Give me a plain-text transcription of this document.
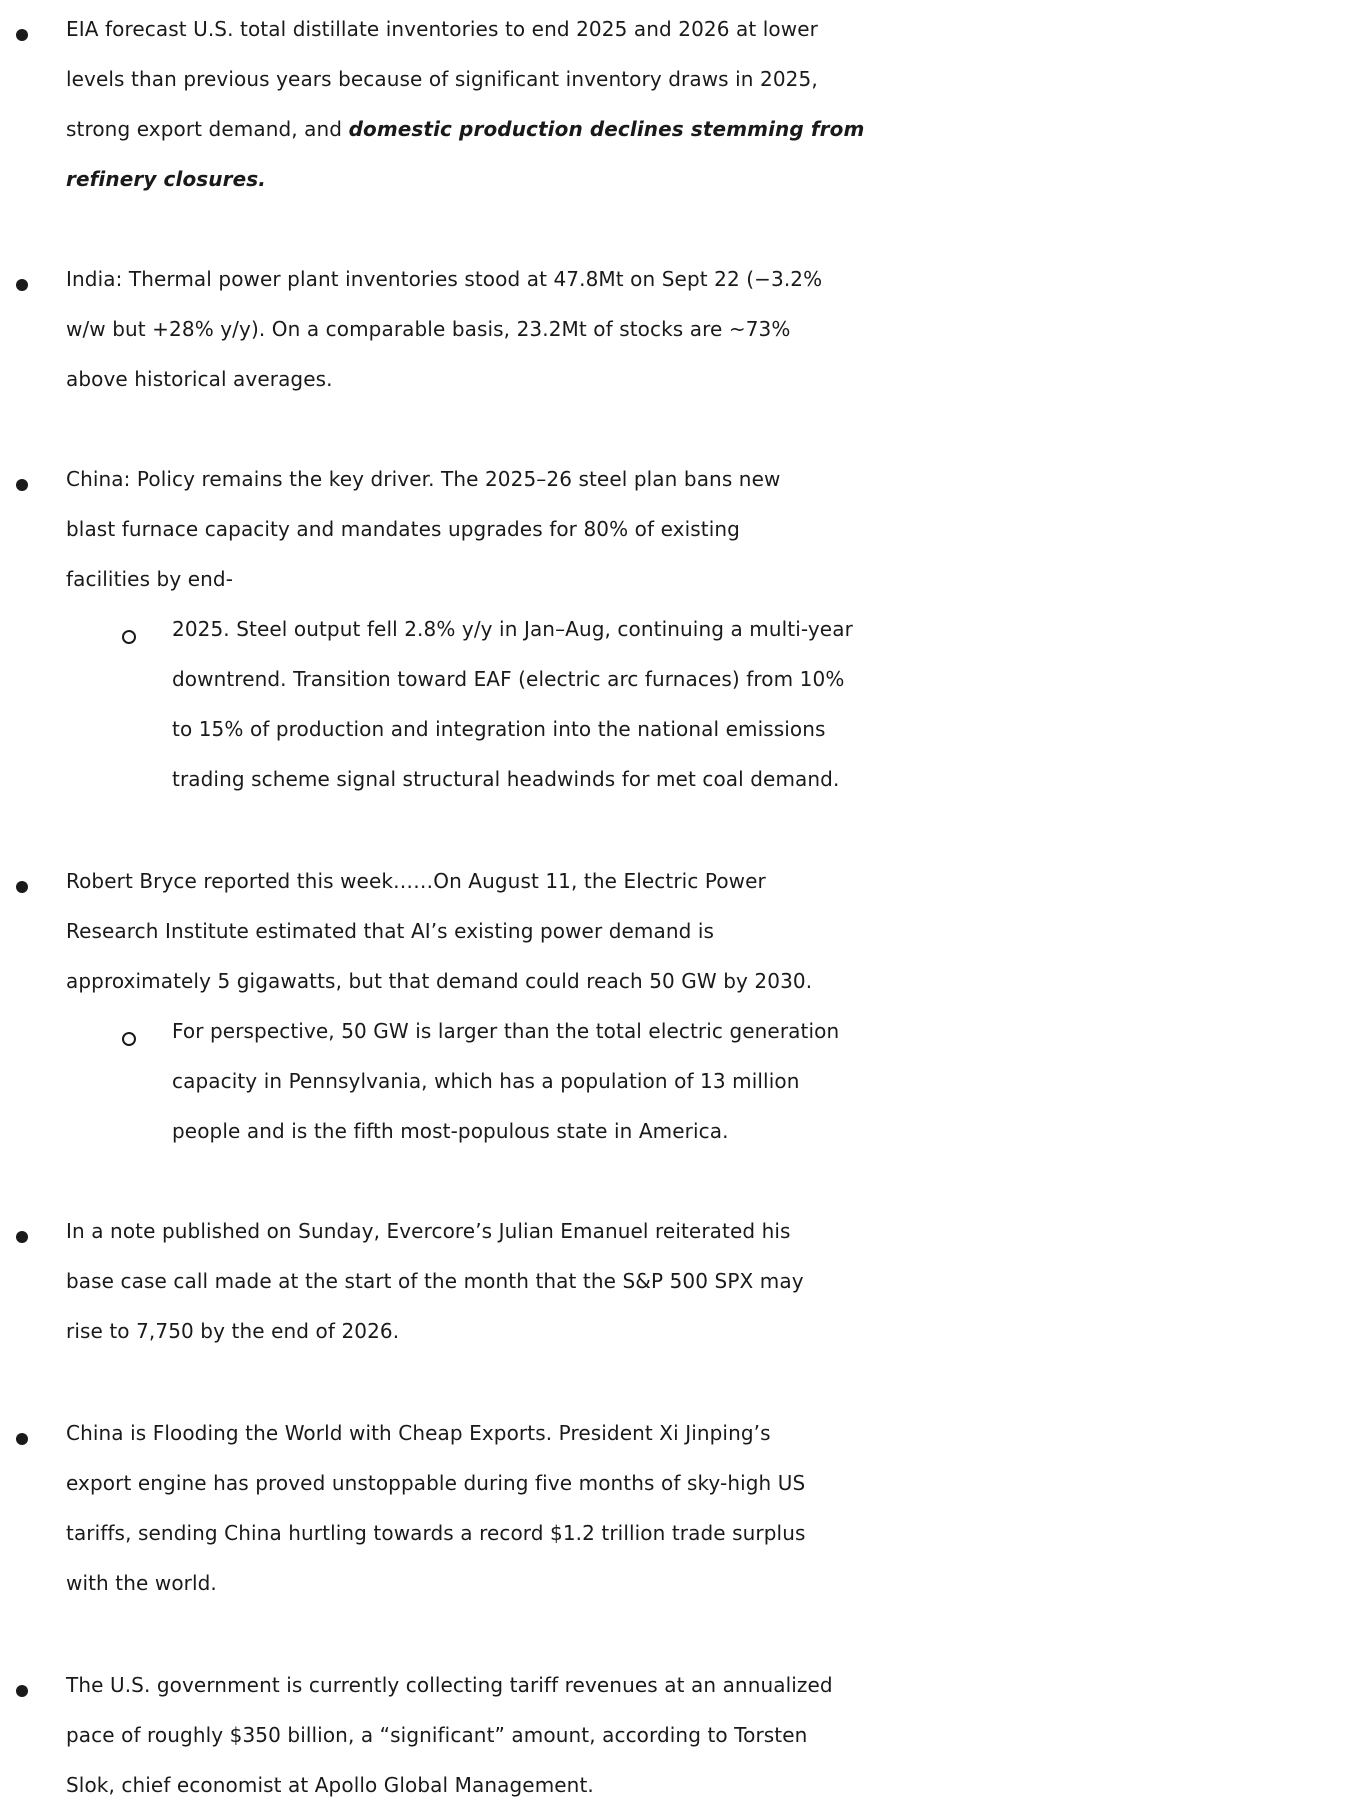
EIA forecast U.S. total distillate inventories to end 2025 and 2026 at lower
levels than previous years because of significant inventory draws in 2025,
strong export demand, and domestic production declines stemming from
refinery closures.
India: Thermal power plant inventories stood at 47.8Mt on Sept 22 (−3.2%
w/w but +28% y/y). On a comparable basis, 23.2Mt of stocks are ~73%
above historical averages.
China: Policy remains the key driver. The 2025–26 steel plan bans new
blast furnace capacity and mandates upgrades for 80% of existing
facilities by end-
2025. Steel output fell 2.8% y/y in Jan–Aug, continuing a multi-year
downtrend. Transition toward EAF (electric arc furnaces) from 10%
to 15% of production and integration into the national emissions
trading scheme signal structural headwinds for met coal demand.
Robert Bryce reported this week……On August 11, the Electric Power
Research Institute estimated that AI’s existing power demand is
approximately 5 gigawatts, but that demand could reach 50 GW by 2030.
For perspective, 50 GW is larger than the total electric generation
capacity in Pennsylvania, which has a population of 13 million
people and is the fifth most-populous state in America.
In a note published on Sunday, Evercore’s Julian Emanuel reiterated his
base case call made at the start of the month that the S&P 500 SPX may
rise to 7,750 by the end of 2026.
China is Flooding the World with Cheap Exports. President Xi Jinping’s
export engine has proved unstoppable during five months of sky-high US
tariffs, sending China hurtling towards a record $1.2 trillion trade surplus
with the world.
The U.S. government is currently collecting tariff revenues at an annualized
pace of roughly $350 billion, a “significant” amount, according to Torsten
Slok, chief economist at Apollo Global Management.
